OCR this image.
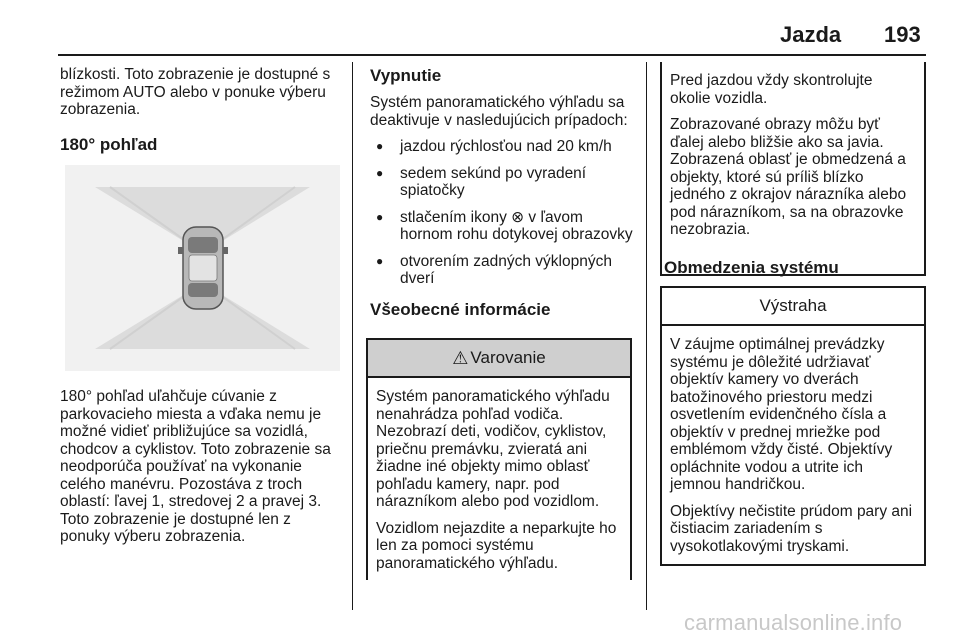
Jazda 193

blízkosti. Toto zobrazenie je dostupné s režimom AUTO alebo v ponuke výberu zobrazenia.

180° pohľad

180° pohľad uľahčuje cúvanie z parkovacieho miesta a vďaka nemu je možné vidieť približujúce sa vozidlá, chodcov a cyklistov. Toto zobrazenie sa neodporúča používať na vykonanie celého manévru. Pozostáva z troch oblastí: ľavej 1, stredovej 2 a pravej 3. Toto zobrazenie je dostupné len z ponuky výberu zobrazenia.

Vypnutie

Systém panoramatického výhľadu sa deaktivuje v nasledujúcich prípadoch:

● jazdou rýchlosťou nad 20 km/h
● sedem sekúnd po vyradení spiatočky
● stlačením ikony ⊗ v ľavom hornom rohu dotykovej obrazovky
● otvorením zadných výklopných dverí

Všeobecné informácie

⚠ Varovanie

Systém panoramatického výhľadu nenahrádza pohľad vodiča. Nezobrazí deti, vodičov, cyklistov, priečnu premávku, zvieratá ani žiadne iné objekty mimo oblasť pohľadu kamery, napr. pod nárazníkom alebo pod vozidlom.

Vozidlom nejazdite a neparkujte ho len za pomoci systému panoramatického výhľadu.

Pred jazdou vždy skontrolujte okolie vozidla.

Zobrazované obrazy môžu byť ďalej alebo bližšie ako sa javia. Zobrazená oblasť je obmedzená a objekty, ktoré sú príliš blízko jedného z okrajov nárazníka alebo pod nárazníkom, sa na obrazovke nezobrazia.

Obmedzenia systému

Výstraha

V záujme optimálnej prevádzky systému je dôležité udržiavať objektív kamery vo dverách batožinového priestoru medzi osvetlením evidenčného čísla a objektív v prednej mriežke pod emblémom vždy čisté. Objektívy opláchnite vodou a utrite ich jemnou handričkou.

Objektívy nečistite prúdom pary ani čistiacim zariadením s vysokotlakovými tryskami.

carmanualsonline.info
